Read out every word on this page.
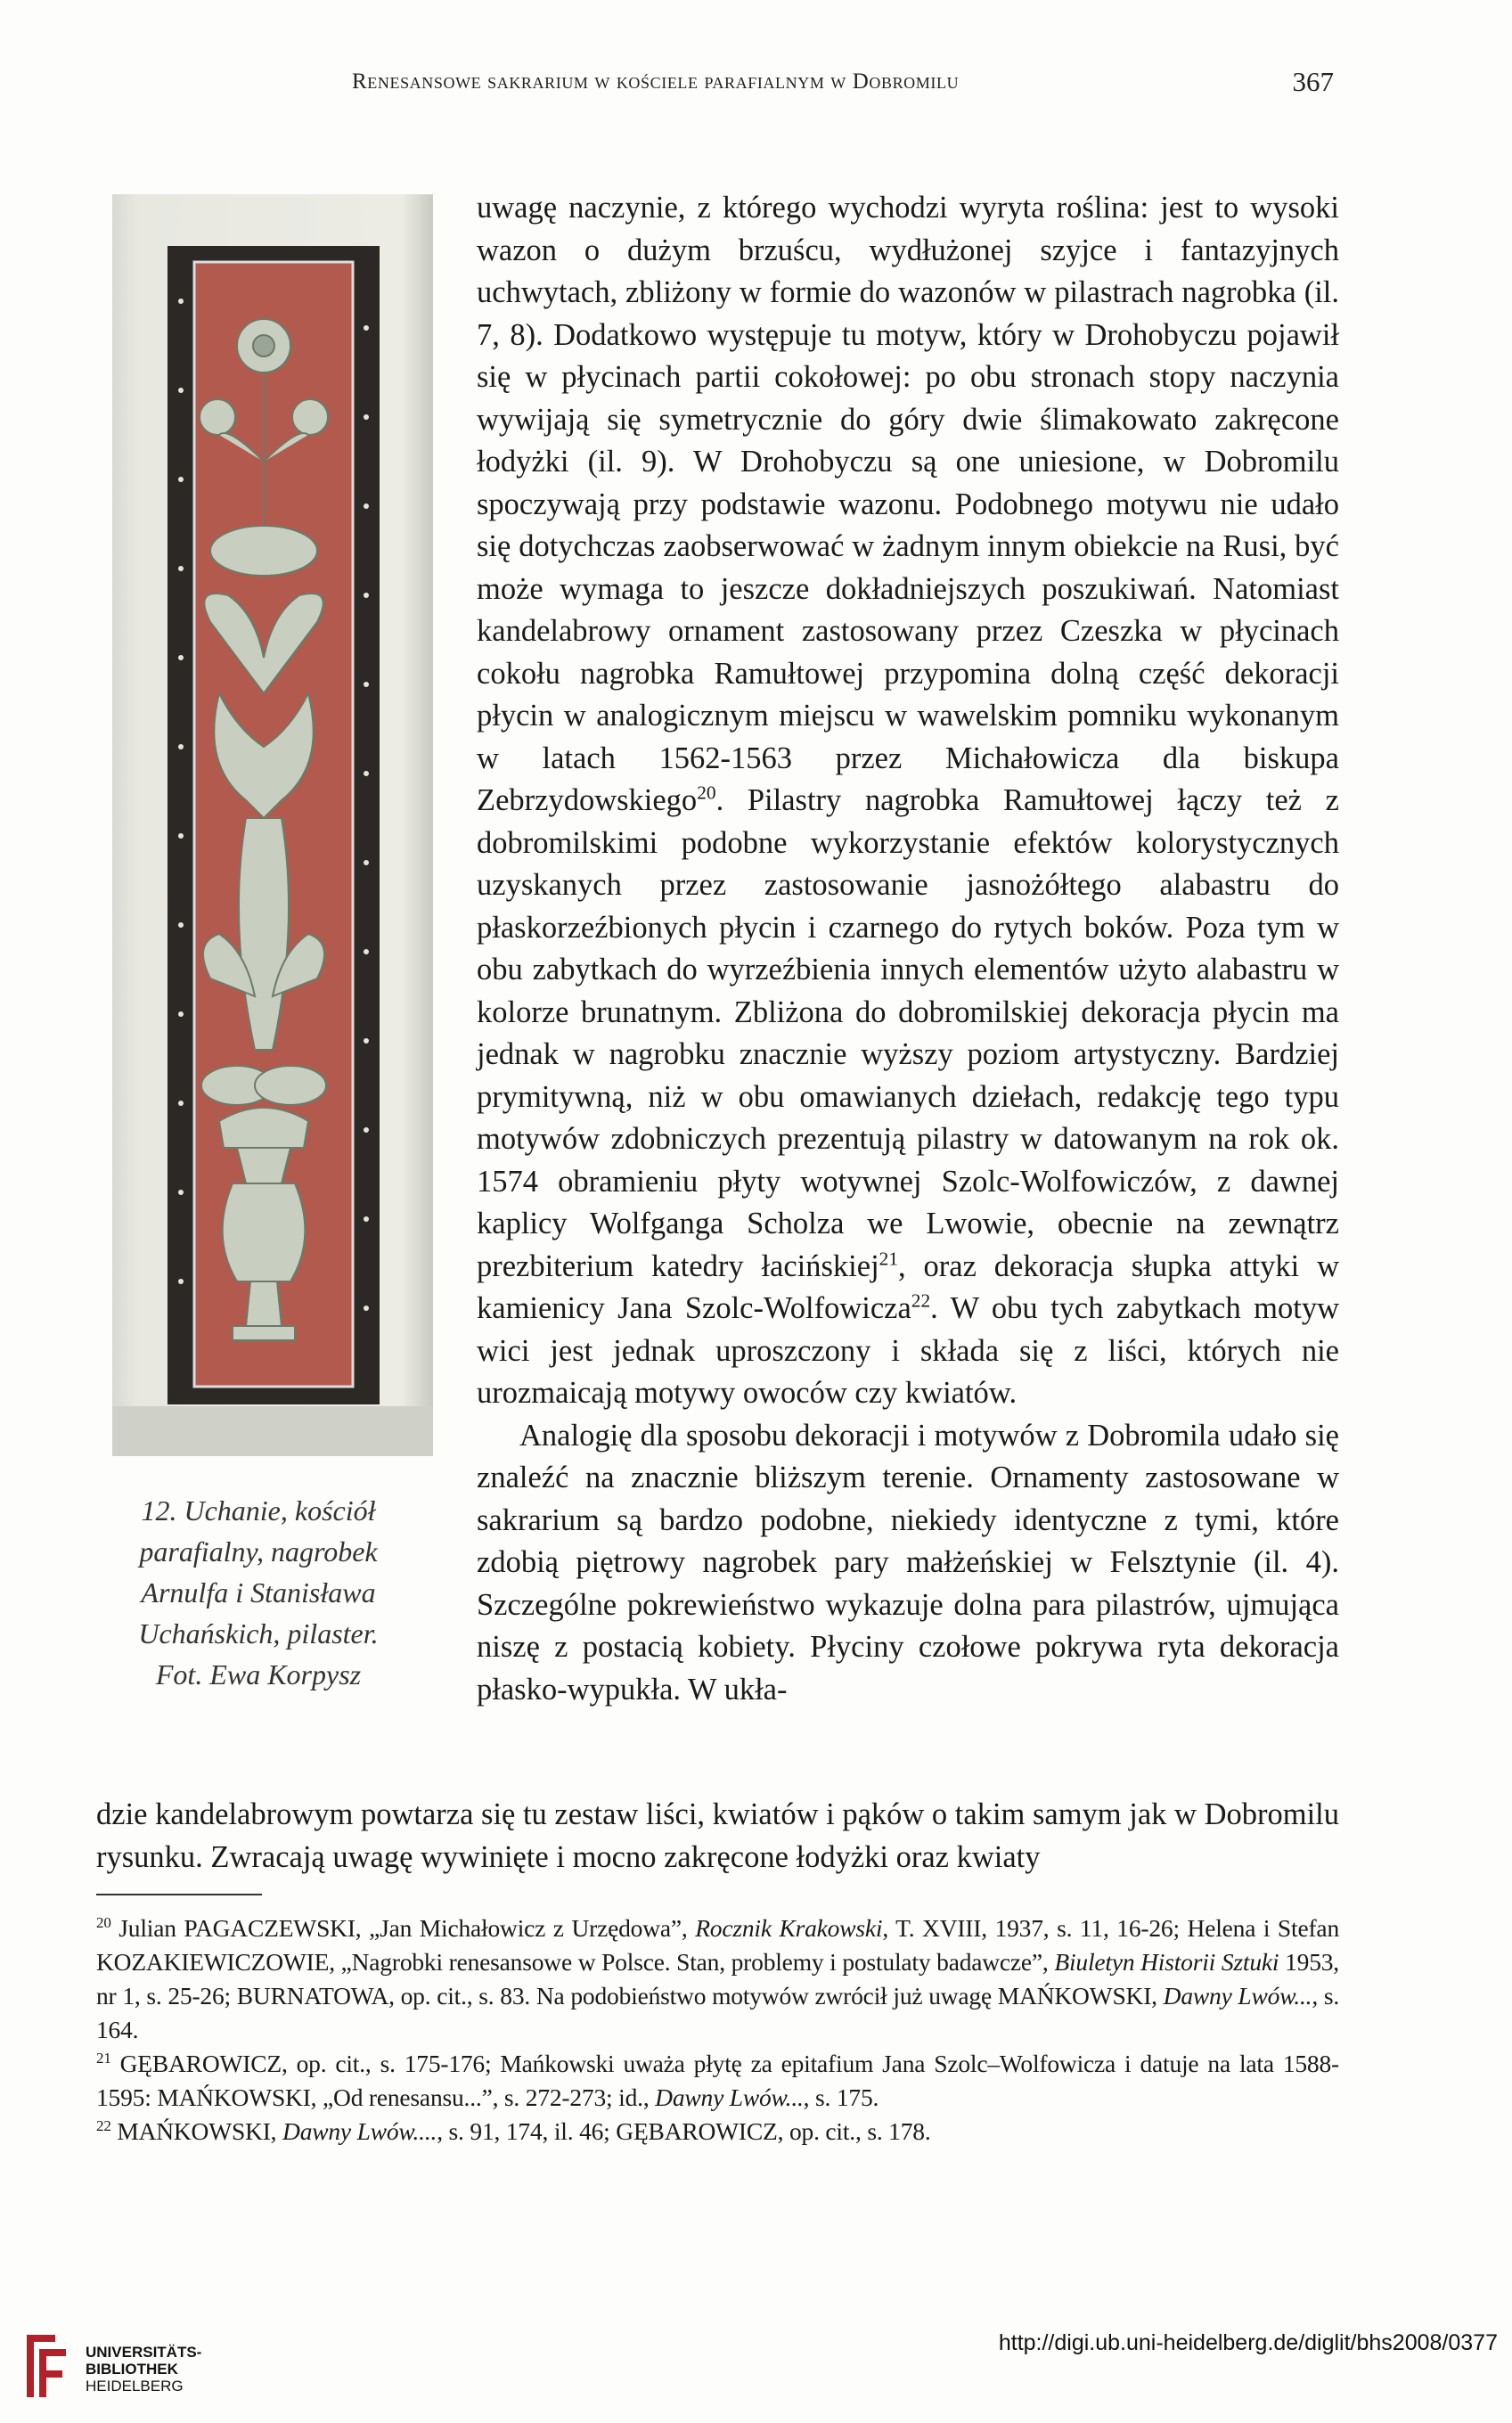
Renesansowe sakrarium w kościele parafialnym w Dobromilu	367
12. Uchanie, kościół
parafialny, nagrobek
Arnulfa i Stanisława
Uchańskich, pilaster.
Fot. Ewa Korpysz

uwagę naczynie, z którego wychodzi wyryta roślina: jest to wysoki wazon o dużym brzuścu, wydłużonej szyjce i fantazyjnych uchwytach, zbliżony w formie do wazonów w pilastrach nagrobka (il. 7, 8). Dodatkowo występuje tu motyw, który w Drohobyczu pojawił się w płycinach partii cokołowej: po obu stronach stopy naczynia wywijają się symetrycznie do góry dwie ślimakowato zakręcone łodyżki (il. 9). W Drohobyczu są one uniesione, w Dobromilu spoczywają przy podstawie wazonu. Podobnego motywu nie udało się dotychczas zaobserwować w żadnym innym obiekcie na Rusi, być może wymaga to jeszcze dokładniejszych poszukiwań. Natomiast kandelabrowy ornament zastosowany przez Czeszka w płycinach cokołu nagrobka Ramułtowej przypomina dolną część dekoracji płycin w analogicznym miejscu w wawelskim pomniku wykonanym w latach 1562-1563 przez Michałowicza dla biskupa Zebrzydowskiego$^{20}$. Pilastry nagrobka Ramułtowej łączy też z dobromilskimi podobne wykorzystanie efektów kolorystycznych uzyskanych przez zastosowanie jasnożółtego alabastru do płaskorzeźbionych płycin i czarnego do rytych boków. Poza tym w obu zabytkach do wyrzeźbienia innych elementów użyto alabastru w kolorze brunatnym. Zbliżona do dobromilskiej dekoracja płycin ma jednak w nagrobku znacznie wyższy poziom artystyczny. Bardziej prymitywną, niż w obu omawianych dziełach, redakcję tego typu motywów zdobniczych prezentują pilastry w datowanym na rok ok. 1574 obramieniu płyty wotywnej Szolc-Wolfowiczów, z dawnej kaplicy Wolfganga Scholza we Lwowie, obecnie na zewnątrz prezbiterium katedry łacińskiej$^{21}$, oraz dekoracja słupka attyki w kamienicy Jana Szolc-Wolfowicza$^{22}$. W obu tych zabytkach motyw wici jest jednak uproszczony i składa się z liści, których nie urozmaicają motywy owoców czy kwiatów.

Analogię dla sposobu dekoracji i motywów z Dobromila udało się znaleźć na znacznie bliższym terenie. Ornamenty zastosowane w sakrarium są bardzo podobne, niekiedy identyczne z tymi, które zdobią piętrowy nagrobek pary małżeńskiej w Felsztynie (il. 4). Szczególne pokrewieństwo wykazuje dolna para pilastrów, ujmująca niszę z postacią kobiety. Płyciny czołowe pokrywa ryta dekoracja płasko-wypukła. W ukła-

dzie kandelabrowym powtarza się tu zestaw liści, kwiatów i pąków o takim samym jak w Dobromilu rysunku. Zwracają uwagę wywinięte i mocno zakręcone łodyżki oraz kwiaty

$^{20}$ Julian PAGACZEWSKI, „Jan Michałowicz z Urzędowa”, Rocznik Krakowski, T. XVIII, 1937, s. 11, 16-26; Helena i Stefan KOZAKIEWICZOWIE, „Nagrobki renesansowe w Polsce. Stan, problemy i postulaty badawcze”, Biuletyn Historii Sztuki 1953, nr 1, s. 25-26; BURNATOWA, op. cit., s. 83. Na podobieństwo motywów zwrócił już uwagę MAŃKOWSKI, Dawny Lwów..., s. 164.

$^{21}$ GĘBAROWICZ, op. cit., s. 175-176; Mańkowski uważa płytę za epitafium Jana Szolc–Wolfowicza i datuje na lata 1588-1595: MAŃKOWSKI, „Od renesansu...”, s. 272-273; id., Dawny Lwów..., s. 175.

$^{22}$ MAŃKOWSKI, Dawny Lwów...., s. 91, 174, il. 46; GĘBAROWICZ, op. cit., s. 178.

UNIVERSITÄTS-
BIBLIOTHEK
HEIDELBERG
http://digi.ub.uni-heidelberg.de/diglit/bhs2008/0377
